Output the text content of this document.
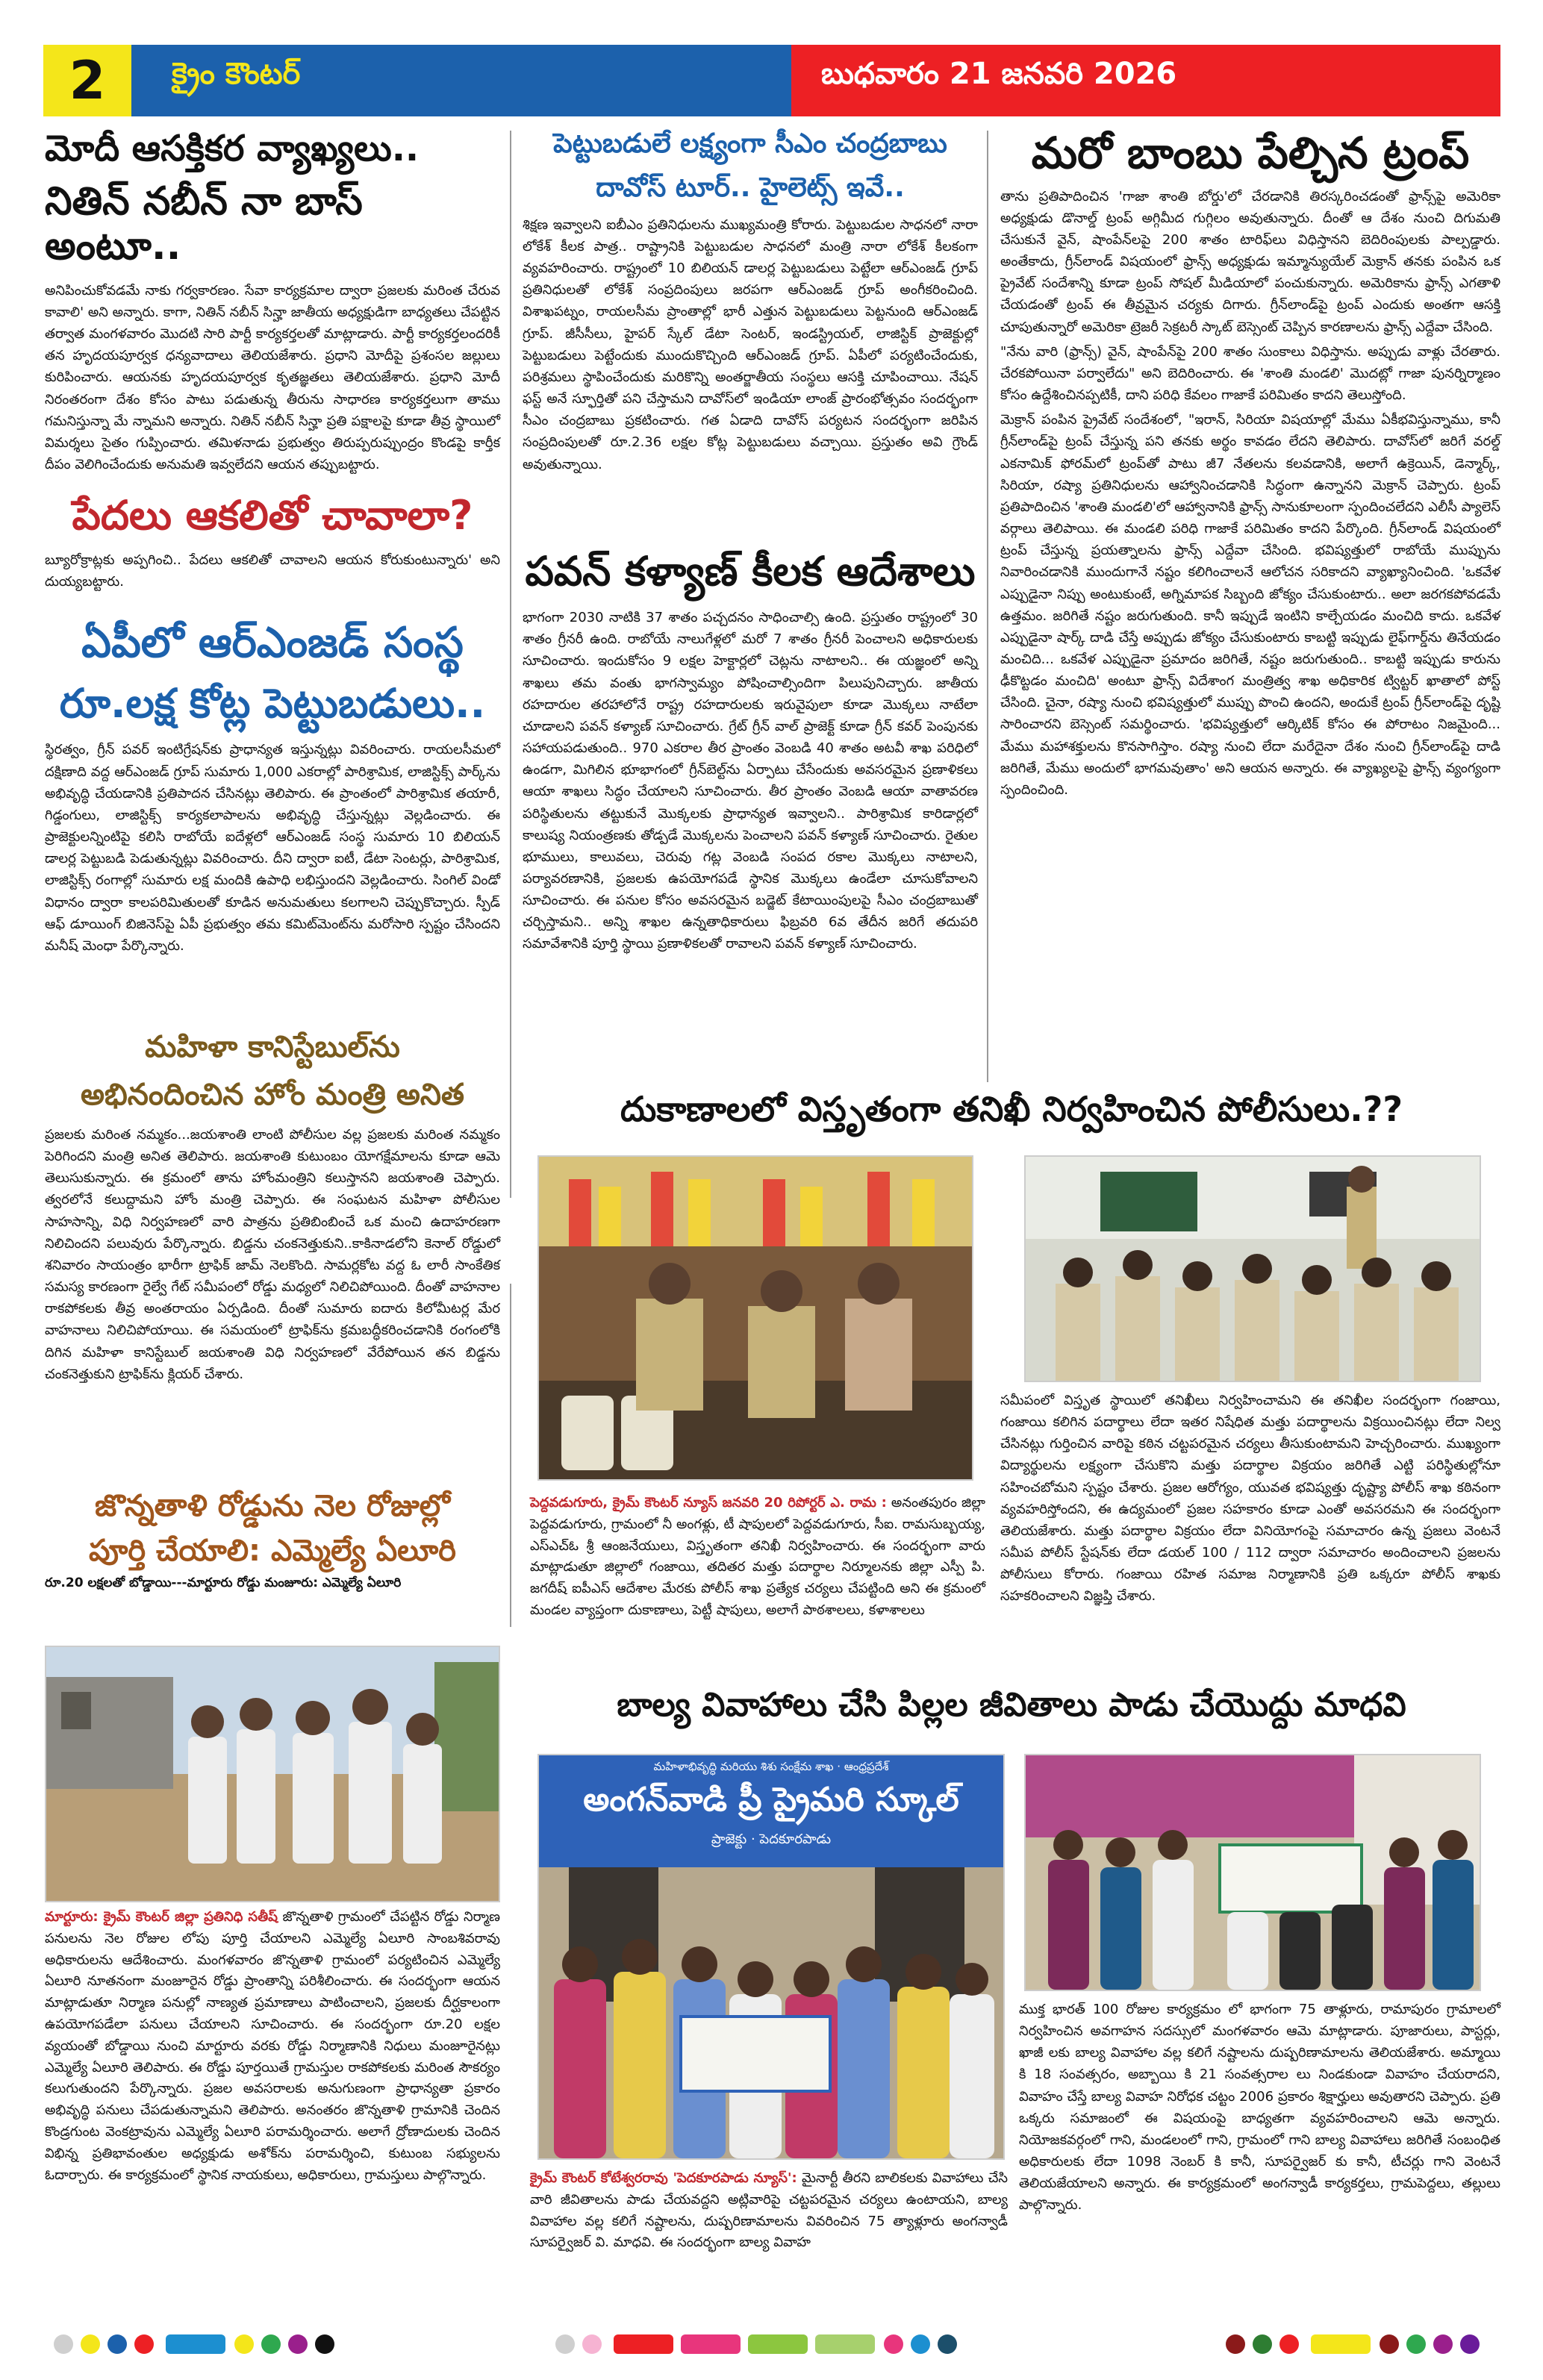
2	క్రైం కౌంటర్	బుధవారం 21 జనవరి 2026
మోదీ ఆసక్తికర వ్యాఖ్యలు..
నితిన్ నబీన్ నా బాస్ అంటూ..
అనిపించుకోవడమే నాకు గర్వకారణం. సేవా కార్యక్రమాల ద్వారా ప్రజలకు మరింత చేరువ కావాలి' అని అన్నారు. కాగా, నితిన్ నబీన్ సిన్హా జాతీయ అధ్యక్షుడిగా బాధ్యతలు చేపట్టిన తర్వాత మంగళవారం మొదటి సారి పార్టీ కార్యకర్తలతో మాట్లాడారు. పార్టీ కార్యకర్తలందరికీ తన హృదయపూర్వక ధన్యవాదాలు తెలియజేశారు. ప్రధాని మోదీపై ప్రశంసల జల్లులు కురిపించారు. ఆయనకు హృదయపూర్వక కృతజ్ఞతలు తెలియజేశారు. ప్రధాని మోదీ నిరంతరంగా దేశం కోసం పాటు పడుతున్న తీరును సాధారణ కార్యకర్తలుగా తాము గమనిస్తున్నా మే న్నామని అన్నారు. నితిన్ నబీన్ సిన్హా ప్రతి పక్షాలపై కూడా తీవ్ర స్థాయిలో విమర్శలు సైతం గుప్పించారు. తమిళనాడు ప్రభుత్వం తిరుప్పరుప్పుంద్రం కొండపై కార్తీక దీపం వెలిగించేందుకు అనుమతి ఇవ్వలేదని ఆయన తప్పుబట్టారు.
పేదలు ఆకలితో చావాలా?
బ్యూరోక్రాట్లకు అప్పగించి.. పేదలు ఆకలితో చావాలని ఆయన కోరుకుంటున్నారు' అని దుయ్యబట్టారు.
ఏపీలో ఆర్ఎంజడ్ సంస్థ
రూ.లక్ష కోట్ల పెట్టుబడులు..
స్థిరత్వం, గ్రీన్ పవర్ ఇంటిగ్రేషన్‌కు ప్రాధాన్యత ఇస్తున్నట్లు వివరించారు. రాయలసీమలో దక్షిణాది వద్ద ఆర్ఎంజడ్ గ్రూప్ సుమారు 1,000 ఎకరాల్లో పారిశ్రామిక, లాజిస్టిక్స్ పార్క్‌ను అభివృద్ధి చేయడానికి ప్రతిపాదన చేసినట్లు తెలిపారు. ఈ ప్రాంతంలో పారిశ్రామిక తయారీ, గిడ్డంగులు, లాజిస్టిక్స్ కార్యకలాపాలను అభివృద్ధి చేస్తున్నట్లు వెల్లడించారు. ఈ ప్రాజెక్టులన్నింటిపై కలిసి రాబోయే ఐదేళ్లలో ఆర్ఎంజడ్ సంస్థ సుమారు 10 బిలియన్ డాలర్ల పెట్టుబడి పెడుతున్నట్లు వివరించారు. దీని ద్వారా ఐటీ, డేటా సెంటర్లు, పారిశ్రామిక, లాజిస్టిక్స్ రంగాల్లో సుమారు లక్ష మందికి ఉపాధి లభిస్తుందని వెల్లడించారు. సింగిల్ విండో విధానం ద్వారా కాలపరిమితులతో కూడిన అనుమతులు కలగాలని చెప్పుకొచ్చారు. స్పీడ్ ఆఫ్ డూయింగ్ బిజినెస్‌పై ఏపీ ప్రభుత్వం తమ కమిట్‌మెంట్‌ను మరోసారి స్పష్టం చేసిందని మనీష్ మెంధా పేర్కొన్నారు.
మహిళా కానిస్టేబుల్‌ను
అభినందించిన హోం మంత్రి అనిత
ప్రజలకు మరింత నమ్మకం...జయశాంతి లాంటి పోలీసుల వల్ల ప్రజలకు మరింత నమ్మకం పెరిగిందని మంత్రి అనిత తెలిపారు. జయశాంతి కుటుంబం యోగక్షేమాలను కూడా ఆమె తెలుసుకున్నారు. ఈ క్రమంలో తాను హోంమంత్రిని కలుస్తానని జయశాంతి చెప్పారు. త్వరలోనే కలుద్దామని హోం మంత్రి చెప్పారు. ఈ సంఘటన మహిళా పోలీసుల సాహసాన్ని, విధి నిర్వహణలో వారి పాత్రను ప్రతిబింబించే ఒక మంచి ఉదాహరణగా నిలిచిందని పలువురు పేర్కొన్నారు. బిడ్డను చంకనెత్తుకుని..కాకినాడలోని కెనాల్ రోడ్డులో శనివారం సాయంత్రం భారీగా ట్రాఫిక్ జామ్ నెలకొంది. సామర్లకోట వద్ద ఓ లారీ సాంకేతిక సమస్య కారణంగా రైల్వే గేట్ సమీపంలో రోడ్డు మధ్యలో నిలిచిపోయింది. దీంతో వాహనాల రాకపోకలకు తీవ్ర అంతరాయం ఏర్పడింది. దీంతో సుమారు ఐదారు కిలోమీటర్ల మేర వాహనాలు నిలిచిపోయాయి. ఈ సమయంలో ట్రాఫిక్‌ను క్రమబద్ధీకరించడానికి రంగంలోకి దిగిన మహిళా కానిస్టేబుల్ జయశాంతి విధి నిర్వహణలో వేరేపోయిన తన బిడ్డను చంకనెత్తుకుని ట్రాఫిక్‌ను క్లియర్ చేశారు.
జొన్నతాళి రోడ్డును నెల రోజుల్లో
పూర్తి చేయాలి: ఎమ్మెల్యే ఏలూరి
రూ.20 లక్షలతో బోడ్డాయి---మార్టూరు రోడ్డు మంజూరు: ఎమ్మెల్యే ఏలూరి
మార్టూరు: క్రైమ్ కౌంటర్ జిల్లా ప్రతినిధి సతీష్ జొన్నతాళి గ్రామంలో చేపట్టిన రోడ్డు నిర్మాణ పనులను నెల రోజుల లోపు పూర్తి చేయాలని ఎమ్మెల్యే ఏలూరి సాంబశివరావు అధికారులను ఆదేశించారు. మంగళవారం జొన్నతాళి గ్రామంలో పర్యటించిన ఎమ్మెల్యే ఏలూరి నూతనంగా మంజూరైన రోడ్డు ప్రాంతాన్ని పరిశీలించారు. ఈ సందర్భంగా ఆయన మాట్లాడుతూ నిర్మాణ పనుల్లో నాణ్యత ప్రమాణాలు పాటించాలని, ప్రజలకు దీర్ఘకాలంగా ఉపయోగపడేలా పనులు చేయాలని సూచించారు. ఈ సందర్భంగా రూ.20 లక్షల వ్యయంతో బోడ్డాయి నుంచి మార్టూరు వరకు రోడ్డు నిర్మాణానికి నిధులు మంజూరైనట్లు ఎమ్మెల్యే ఏలూరి తెలిపారు. ఈ రోడ్డు పూర్తయితే గ్రామస్తుల రాకపోకలకు మరింత సౌకర్యం కలుగుతుందని పేర్కొన్నారు. ప్రజల అవసరాలకు అనుగుణంగా ప్రాధాన్యతా ప్రకారం అభివృద్ధి పనులు చేపడుతున్నామని తెలిపారు. అనంతరం జొన్నతాళి గ్రామానికి చెందిన కొండ్రగుంట వెంకట్రావును ఎమ్మెల్యే ఏలూరి పరామర్శించారు. అలాగే ద్రోణాదులకు చెందిన విభిన్న ప్రతిభావంతుల అధ్యక్షుడు అశోక్‌ను పరామర్శించి, కుటుంబ సభ్యులను ఓదార్చారు. ఈ కార్యక్రమంలో స్థానిక నాయకులు, అధికారులు, గ్రామస్తులు పాల్గొన్నారు.
పెట్టుబడులే లక్ష్యంగా సీఎం చంద్రబాబు
దావోస్ టూర్.. హైలెట్స్ ఇవే..
శిక్షణ ఇవ్వాలని ఐబీఎం ప్రతినిధులను ముఖ్యమంత్రి కోరారు. పెట్టుబడుల సాధనలో నారా లోకేశ్ కీలక పాత్ర.. రాష్ట్రానికి పెట్టుబడుల సాధనలో మంత్రి నారా లోకేశ్ కీలకంగా వ్యవహరించారు. రాష్ట్రంలో 10 బిలియన్ డాలర్ల పెట్టుబడులు పెట్టేలా ఆర్ఎంజడ్ గ్రూప్ ప్రతినిధులతో లోకేశ్ సంప్రదింపులు జరపగా ఆర్ఎంజడ్ గ్రూప్ అంగీకరించింది. విశాఖపట్నం, రాయలసీమ ప్రాంతాల్లో భారీ ఎత్తున పెట్టుబడులు పెట్టనుంది ఆర్ఎంజడ్ గ్రూప్. జీసీసీలు, హైపర్ స్కేల్ డేటా సెంటర్, ఇండస్ట్రియల్, లాజిస్టిక్ ప్రాజెక్టుల్లో పెట్టుబడులు పెట్టేందుకు ముందుకొచ్చింది ఆర్ఎంజడ్ గ్రూప్. ఏపీలో పర్యటించేందుకు, పరిశ్రమలు స్థాపించేందుకు మరికొన్ని అంతర్జాతీయ సంస్థలు ఆసక్తి చూపించాయి. నేషన్ ఫస్ట్ అనే స్ఫూర్తితో పని చేస్తామని దావోస్‌లో ఇండియా లాంజ్ ప్రారంభోత్సవం సందర్భంగా సీఎం చంద్రబాబు ప్రకటించారు. గత ఏడాది దావోస్ పర్యటన సందర్భంగా జరిపిన సంప్రదింపులతో రూ.2.36 లక్షల కోట్ల పెట్టుబడులు వచ్చాయి. ప్రస్తుతం అవి గ్రౌండ్ అవుతున్నాయి.
పవన్ కళ్యాణ్ కీలక ఆదేశాలు
భాగంగా 2030 నాటికి 37 శాతం పచ్చదనం సాధించాల్సి ఉంది. ప్రస్తుతం రాష్ట్రంలో 30 శాతం గ్రీనరీ ఉంది. రాబోయే నాలుగేళ్లలో మరో 7 శాతం గ్రీనరీ పెంచాలని అధికారులకు సూచించారు. ఇందుకోసం 9 లక్షల హెక్టార్లలో చెట్లను నాటాలని.. ఈ యజ్ఞంలో అన్ని శాఖలు తమ వంతు భాగస్వామ్యం పోషించాల్సిందిగా పిలుపునిచ్చారు. జాతీయ రహదారుల తరహాలోనే రాష్ట్ర రహదారులకు ఇరువైపులా కూడా మొక్కలు నాటేలా చూడాలని పవన్ కళ్యాణ్ సూచించారు. గ్రేట్ గ్రీన్ వాల్ ప్రాజెక్ట్ కూడా గ్రీన్ కవర్ పెంపునకు సహాయపడుతుంది.. 970 ఎకరాల తీర ప్రాంతం వెంబడి 40 శాతం అటవీ శాఖ పరిధిలో ఉండగా, మిగిలిన భూభాగంలో గ్రీన్‌బెల్ట్‌ను ఏర్పాటు చేసేందుకు అవసరమైన ప్రణాళికలు ఆయా శాఖలు సిద్ధం చేయాలని సూచించారు. తీర ప్రాంతం వెంబడి ఆయా వాతావరణ పరిస్థితులను తట్టుకునే మొక్కలకు ప్రాధాన్యత ఇవ్వాలని.. పారిశ్రామిక కారిడార్లలో కాలుష్య నియంత్రణకు తోడ్పడే మొక్కలను పెంచాలని పవన్ కళ్యాణ్ సూచించారు. రైతుల భూములు, కాలువలు, చెరువు గట్ల వెంబడి సంపద రకాల మొక్కలు నాటాలని, పర్యావరణానికి, ప్రజలకు ఉపయోగపడే స్థానిక మొక్కలు ఉండేలా చూసుకోవాలని సూచించారు. ఈ పనుల కోసం అవసరమైన బడ్జెట్ కేటాయింపులపై సీఎం చంద్రబాబుతో చర్చిస్తామని.. అన్ని శాఖల ఉన్నతాధికారులు ఫిబ్రవరి 6వ తేదీన జరిగే తదుపరి సమావేశానికి పూర్తి స్థాయి ప్రణాళికలతో రావాలని పవన్ కళ్యాణ్ సూచించారు.
మరో బాంబు పేల్చిన ట్రంప్
తాను ప్రతిపాదించిన 'గాజా శాంతి బోర్డు'లో చేరడానికి తిరస్కరించడంతో ఫ్రాన్స్‌పై అమెరికా అధ్యక్షుడు డొనాల్డ్ ట్రంప్ అగ్గిమీద గుగ్గిలం అవుతున్నారు. దీంతో ఆ దేశం నుంచి దిగుమతి చేసుకునే వైన్, షాంపేన్‌లపై 200 శాతం టారిఫ్‌లు విధిస్తానని బెదిరింపులకు పాల్పడ్డారు. అంతేకాదు, గ్రీన్‌లాండ్ విషయంలో ఫ్రాన్స్ అధ్యక్షుడు ఇమ్మాన్యుయేల్ మెక్రాన్ తనకు పంపిన ఒక ప్రైవేట్ సందేశాన్ని కూడా ట్రంప్ సోషల్ మీడియాలో పంచుకున్నారు. అమెరికాను ఫ్రాన్స్ ఎగతాళి చేయడంతో ట్రంప్ ఈ తీవ్రమైన చర్యకు దిగారు. గ్రీన్‌లాండ్‌పై ట్రంప్ ఎందుకు అంతగా ఆసక్తి చూపుతున్నారో అమెరికా ట్రెజరీ సెక్రటరీ స్కాట్ బెస్సెంట్ చెప్పిన కారణాలను ఫ్రాన్స్ ఎద్దేవా చేసింది.
"నేను వారి (ఫ్రాన్స్) వైన్, షాంపేన్‌పై 200 శాతం సుంకాలు విధిస్తాను. అప్పుడు వాళ్లు చేరతారు. చేరకపోయినా పర్వాలేదు" అని బెదిరించారు. ఈ 'శాంతి మండలి' మొదట్లో గాజా పునర్నిర్మాణం కోసం ఉద్దేశించినప్పటికీ, దాని పరిధి కేవలం గాజాకే పరిమితం కాదని తెలుస్తోంది.
మెక్రాన్ పంపిన ప్రైవేట్ సందేశంలో, "ఇరాన్, సిరియా విషయాల్లో మేము ఏకీభవిస్తున్నాము, కానీ గ్రీన్‌లాండ్‌పై ట్రంప్ చేస్తున్న పని తనకు అర్థం కావడం లేదని తెలిపారు. దావోస్‌లో జరిగే వరల్డ్ ఎకనామిక్ ఫోరమ్‌లో ట్రంప్‌తో పాటు జీ7 నేతలను కలవడానికి, అలాగే ఉక్రెయిన్, డెన్మార్క్, సిరియా, రష్యా ప్రతినిధులను ఆహ్వానించడానికి సిద్ధంగా ఉన్నానని మెక్రాన్ చెప్పారు. ట్రంప్ ప్రతిపాదించిన 'శాంతి మండలి'లో ఆహ్వానానికి ఫ్రాన్స్ సానుకూలంగా స్పందించలేదని ఎలీసీ ప్యాలెస్ వర్గాలు తెలిపాయి. ఈ మండలి పరిధి గాజాకే పరిమితం కాదని పేర్కొంది. గ్రీన్‌లాండ్ విషయంలో ట్రంప్ చేస్తున్న ప్రయత్నాలను ఫ్రాన్స్ ఎద్దేవా చేసింది. భవిష్యత్తులో రాబోయే ముప్పును నివారించడానికి ముందుగానే నష్టం కలిగించాలనే ఆలోచన సరికాదని వ్యాఖ్యానించింది. 'ఒకవేళ ఎప్పుడైనా నిప్పు అంటుకుంటే, అగ్నిమాపక సిబ్బంది జోక్యం చేసుకుంటారు.. అలా జరగకపోవడమే ఉత్తమం. జరిగితే నష్టం జరుగుతుంది. కానీ ఇప్పుడే ఇంటిని కాల్చేయడం మంచిది కాదు. ఒకవేళ ఎప్పుడైనా షార్క్ దాడి చేస్తే అప్పుడు జోక్యం చేసుకుంటారు కాబట్టి ఇప్పుడు లైఫ్‌గార్డ్‌ను తినేయడం మంచిది... ఒకవేళ ఎప్పుడైనా ప్రమాదం జరిగితే, నష్టం జరుగుతుంది.. కాబట్టి ఇప్పుడు కారును ఢీకొట్టడం మంచిది' అంటూ ఫ్రాన్స్ విదేశాంగ మంత్రిత్వ శాఖ అధికారిక ట్విట్టర్ ఖాతాలో పోస్ట్ చేసింది. చైనా, రష్యా నుంచి భవిష్యత్తులో ముప్పు పొంచి ఉందని, అందుకే ట్రంప్ గ్రీన్‌లాండ్‌పై దృష్టి సారించారని బెస్సెంట్ సమర్థించారు. 'భవిష్యత్తులో ఆర్కిటిక్ కోసం ఈ పోరాటం నిజమైంది... మేము మహాశక్తులను కొనసాగిస్తాం. రష్యా నుంచి లేదా మరేదైనా దేశం నుంచి గ్రీన్‌లాండ్‌పై దాడి జరిగితే, మేము అందులో భాగమవుతాం' అని ఆయన అన్నారు. ఈ వ్యాఖ్యలపై ఫ్రాన్స్ వ్యంగ్యంగా స్పందించింది.
దుకాణాలలో విస్తృతంగా తనిఖీ నిర్వహించిన పోలీసులు.??
పెద్దవడుగూరు, క్రైమ్ కౌంటర్ న్యూస్ జనవరి 20 రిపోర్టర్ ఎ. రామ : అనంతపురం జిల్లా పెద్దవడుగూరు, గ్రామంలో నీ అంగళ్లు, టీ షాపులలో పెద్దవడుగూరు, సీఐ. రామసుబ్బయ్య, ఎస్ఎచ్ఓ శ్రీ ఆంజనేయులు, విస్తృతంగా తనిఖీ నిర్వహించారు. ఈ సందర్భంగా వారు మాట్లాడుతూ జిల్లాలో గంజాయి, తదితర మత్తు పదార్థాల నిర్మూలనకు జిల్లా ఎస్పీ పి. జగదీష్ ఐపీఎస్ ఆదేశాల మేరకు పోలీస్ శాఖ ప్రత్యేక చర్యలు చేపట్టింది అని ఈ క్రమంలో మండల వ్యాప్తంగా దుకాణాలు, పెట్టీ షాపులు, అలాగే పాఠశాలలు, కళాశాలలు
సమీపంలో విస్తృత స్థాయిలో తనిఖీలు నిర్వహించామని ఈ తనిఖీల సందర్భంగా గంజాయి, గంజాయి కలిగిన పదార్థాలు లేదా ఇతర నిషేధిత మత్తు పదార్థాలను విక్రయించినట్లు లేదా నిల్వ చేసినట్లు గుర్తించిన వారిపై కఠిన చట్టపరమైన చర్యలు తీసుకుంటామని హెచ్చరించారు. ముఖ్యంగా విద్యార్థులను లక్ష్యంగా చేసుకొని మత్తు పదార్థాల విక్రయం జరిగితే ఎట్టి పరిస్థితుల్లోనూ సహించబోమని స్పష్టం చేశారు. ప్రజల ఆరోగ్యం, యువత భవిష్యత్తు దృష్ట్యా పోలీస్ శాఖ కఠినంగా వ్యవహరిస్తోందని, ఈ ఉద్యమంలో ప్రజల సహకారం కూడా ఎంతో అవసరమని ఈ సందర్భంగా తెలియజేశారు. మత్తు పదార్థాల విక్రయం లేదా వినియోగంపై సమాచారం ఉన్న ప్రజలు వెంటనే సమీప పోలీస్ స్టేషన్‌కు లేదా డయల్ 100 / 112 ద్వారా సమాచారం అందించాలని ప్రజలను పోలీసులు కోరారు. గంజాయి రహిత సమాజ నిర్మాణానికి ప్రతి ఒక్కరూ పోలీస్ శాఖకు సహకరించాలని విజ్ఞప్తి చేశారు.
బాల్య వివాహాలు చేసి పిల్లల జీవితాలు పాడు చేయొద్దు మాధవి
మహిళాభివృద్ధి మరియు శిశు సంక్షేమ శాఖ · ఆంధ్రప్రదేశ్
అంగన్‌వాడి ప్రీ ప్రైమరి స్కూల్
ప్రాజెక్టు · పెదకూరపాడు
క్రైమ్ కౌంటర్ కోటేశ్వరరావు 'పెదకూరపాడు న్యూస్': మైనార్టీ తీరని బాలికలకు వివాహాలు చేసి వారి జీవితాలను పాడు చేయవద్దని అట్లివారిపై చట్టపరమైన చర్యలు ఉంటాయని, బాల్య వివాహాల వల్ల కలిగే నష్టాలను, దుష్పరిణామాలను వివరించిన 75 త్యాళ్లూరు అంగన్వాడీ సూపర్వైజర్ వి. మాధవి. ఈ సందర్భంగా బాల్య వివాహ
ముక్త భారత్ 100 రోజుల కార్యక్రమం లో భాగంగా 75 తాళ్లూరు, రామాపురం గ్రామాలలో నిర్వహించిన అవగాహన సదస్సులో మంగళవారం ఆమె మాట్లాడారు. పూజారులు, పాస్టర్లు, ఖాజీ లకు బాల్య వివాహాల వల్ల కలిగే నష్టాలను దుష్పరిణామాలను తెలియజేశారు. అమ్మాయి కి 18 సంవత్సరం, అబ్బాయి కి 21 సంవత్సరాల లు నిండకుండా వివాహం చేయరాదని, వివాహం చేస్తే బాల్య వివాహ నిరోధక చట్టం 2006 ప్రకారం శిక్షార్హులు అవుతారని చెప్పారు. ప్రతి ఒక్కరు సమాజంలో ఈ విషయంపై బాధ్యతగా వ్యవహరించాలని ఆమె అన్నారు. నియోజకవర్గంలో గాని, మండలంలో గాని, గ్రామంలో గాని బాల్య వివాహాలు జరిగితే సంబంధిత అధికారులకు లేదా 1098 నెంబర్ కి కానీ, సూపర్వైజర్ కు కానీ, టీచర్లు గాని వెంటనే తెలియజేయాలని అన్నారు. ఈ కార్యక్రమంలో అంగన్వాడీ కార్యకర్తలు, గ్రామపెద్దలు, తల్లులు పాల్గొన్నారు.
